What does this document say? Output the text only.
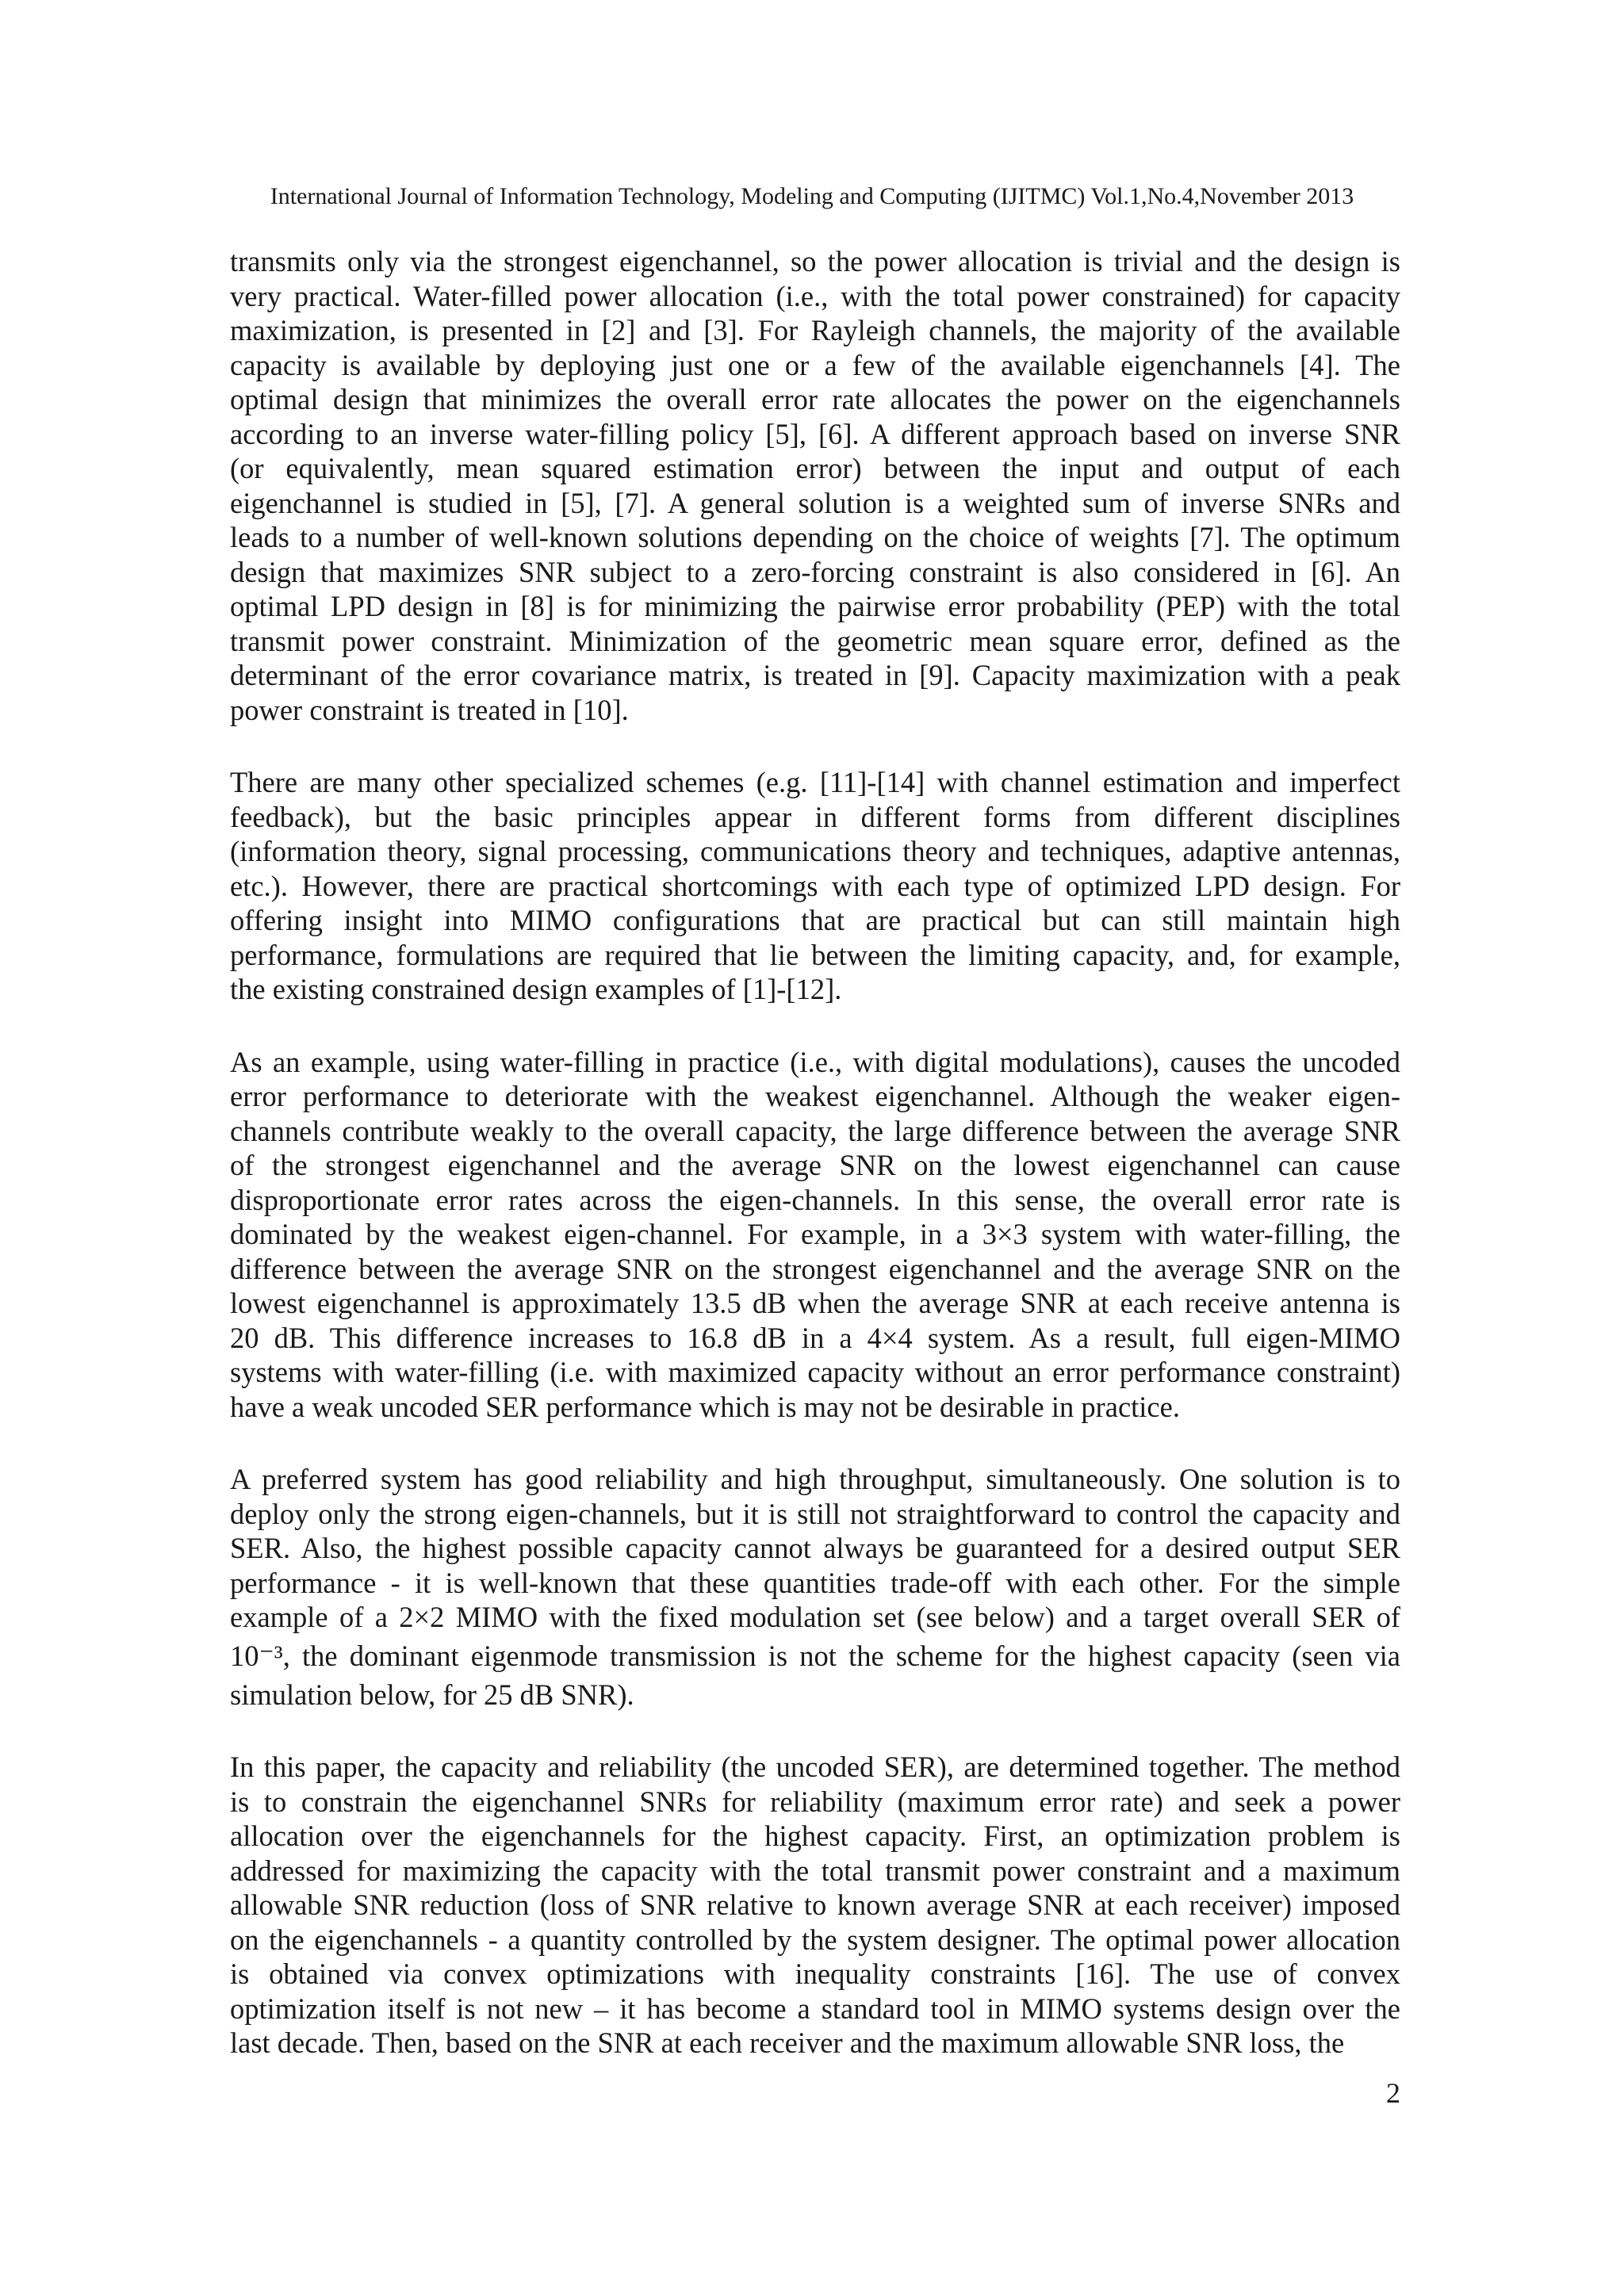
International Journal of Information Technology, Modeling and Computing (IJITMC) Vol.1,No.4,November 2013
transmits only via the strongest eigenchannel, so the power allocation is trivial and the design is
very practical. Water-filled power allocation (i.e., with the total power constrained) for capacity
maximization, is presented in [2] and [3]. For Rayleigh channels, the majority of the available
capacity is available by deploying just one or a few of the available eigenchannels [4]. The
optimal design that minimizes the overall error rate allocates the power on the eigenchannels
according to an inverse water-filling policy [5], [6]. A different approach based on inverse SNR
(or equivalently, mean squared estimation error) between the input and output of each
eigenchannel is studied in [5], [7]. A general solution is a weighted sum of inverse SNRs and
leads to a number of well-known solutions depending on the choice of weights [7]. The optimum
design that maximizes SNR subject to a zero-forcing constraint is also considered in [6]. An
optimal LPD design in [8] is for minimizing the pairwise error probability (PEP) with the total
transmit power constraint. Minimization of the geometric mean square error, defined as the
determinant of the error covariance matrix, is treated in [9]. Capacity maximization with a peak
power constraint is treated in [10].
There are many other specialized schemes (e.g. [11]-[14] with channel estimation and imperfect
feedback), but the basic principles appear in different forms from different disciplines
(information theory, signal processing, communications theory and techniques, adaptive antennas,
etc.). However, there are practical shortcomings with each type of optimized LPD design. For
offering insight into MIMO configurations that are practical but can still maintain high
performance, formulations are required that lie between the limiting capacity, and, for example,
the existing constrained design examples of [1]-[12].
As an example, using water-filling in practice (i.e., with digital modulations), causes the uncoded
error performance to deteriorate with the weakest eigenchannel. Although the weaker eigen-
channels contribute weakly to the overall capacity, the large difference between the average SNR
of the strongest eigenchannel and the average SNR on the lowest eigenchannel can cause
disproportionate error rates across the eigen-channels. In this sense, the overall error rate is
dominated by the weakest eigen-channel. For example, in a 3×3 system with water-filling, the
difference between the average SNR on the strongest eigenchannel and the average SNR on the
lowest eigenchannel is approximately 13.5 dB when the average SNR at each receive antenna is
20 dB. This difference increases to 16.8 dB in a 4×4 system. As a result, full eigen-MIMO
systems with water-filling (i.e. with maximized capacity without an error performance constraint)
have a weak uncoded SER performance which is may not be desirable in practice.
A preferred system has good reliability and high throughput, simultaneously. One solution is to
deploy only the strong eigen-channels, but it is still not straightforward to control the capacity and
SER. Also, the highest possible capacity cannot always be guaranteed for a desired output SER
performance - it is well-known that these quantities trade-off with each other. For the simple
example of a 2×2 MIMO with the fixed modulation set (see below) and a target overall SER of
10⁻³, the dominant eigenmode transmission is not the scheme for the highest capacity (seen via
simulation below, for 25 dB SNR).
In this paper, the capacity and reliability (the uncoded SER), are determined together. The method
is to constrain the eigenchannel SNRs for reliability (maximum error rate) and seek a power
allocation over the eigenchannels for the highest capacity. First, an optimization problem is
addressed for maximizing the capacity with the total transmit power constraint and a maximum
allowable SNR reduction (loss of SNR relative to known average SNR at each receiver) imposed
on the eigenchannels - a quantity controlled by the system designer. The optimal power allocation
is obtained via convex optimizations with inequality constraints [16]. The use of convex
optimization itself is not new – it has become a standard tool in MIMO systems design over the
last decade. Then, based on the SNR at each receiver and the maximum allowable SNR loss, the
2
